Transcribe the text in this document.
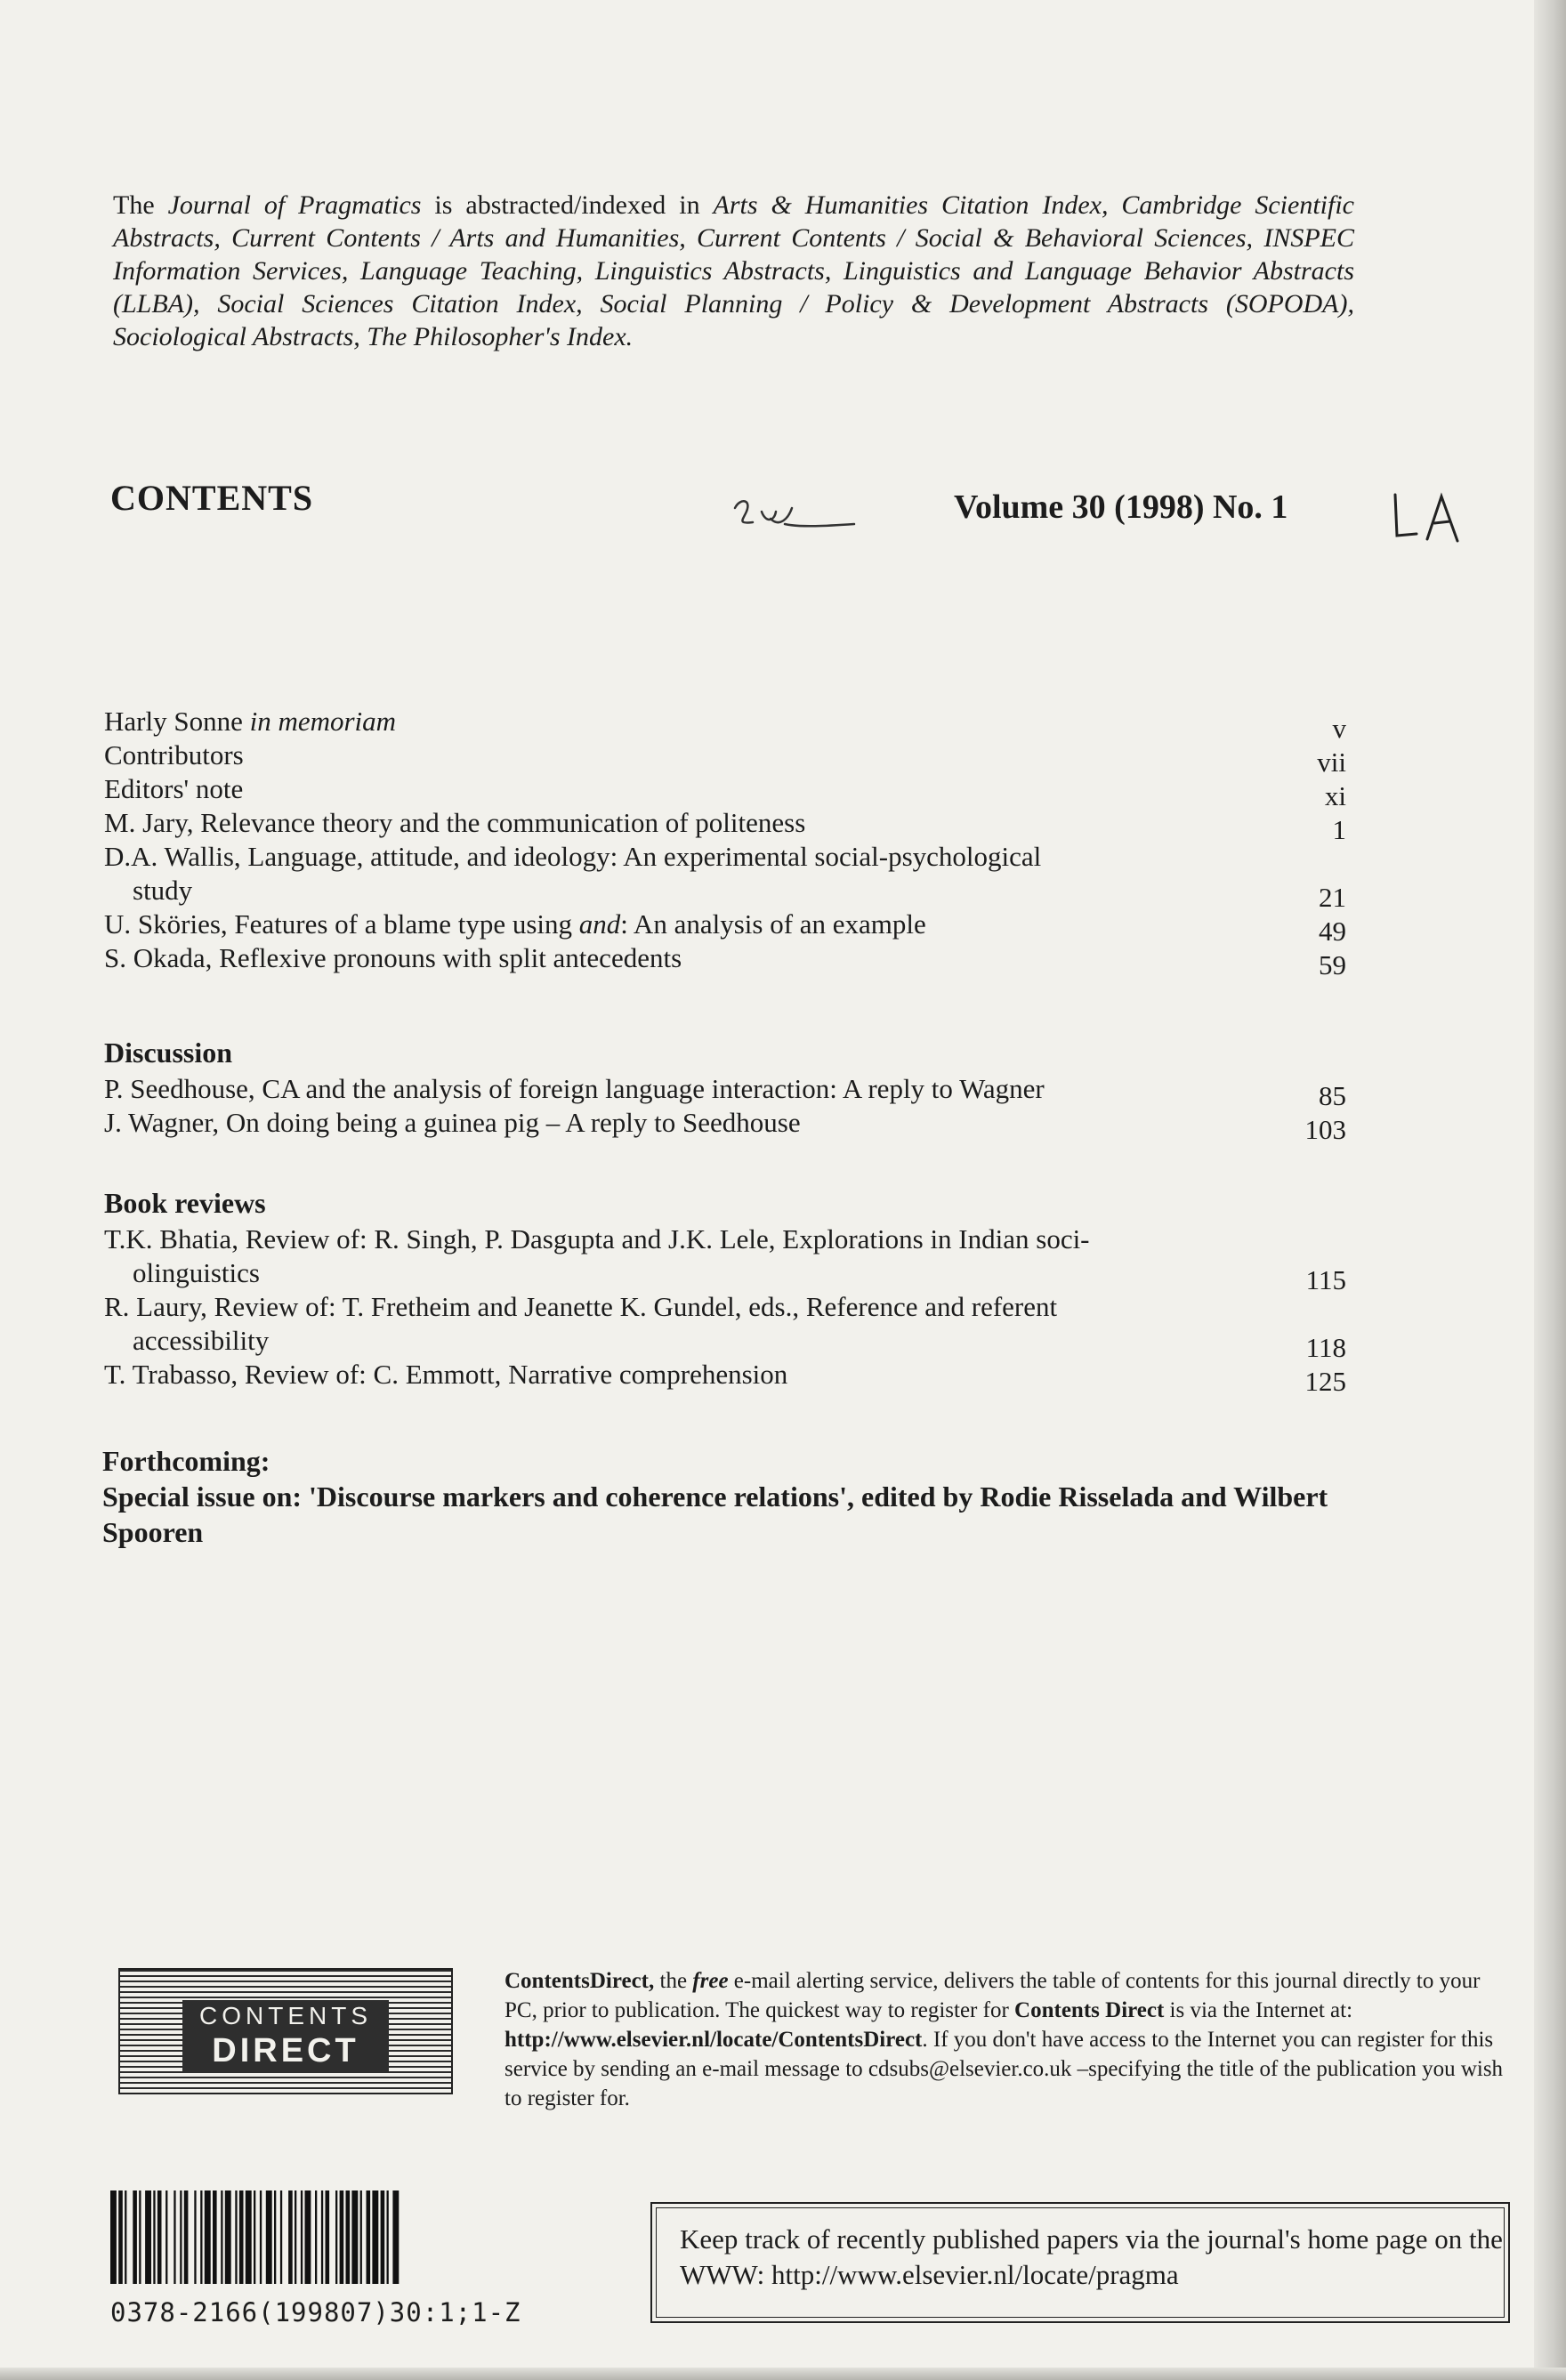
The Journal of Pragmatics is abstracted/indexed in Arts & Humanities Citation Index, Cambridge Scientific Abstracts, Current Contents / Arts and Humanities, Current Contents / Social & Behavioral Sciences, INSPEC Information Services, Language Teaching, Linguistics Abstracts, Linguistics and Language Behavior Abstracts (LLBA), Social Sciences Citation Index, Social Planning / Policy & Development Abstracts (SOPODA), Sociological Abstracts, The Philosopher's Index.

CONTENTS	Volume 30 (1998) No. 1
Harly Sonne in memoriam	v
Contributors	vii
Editors' note	xi
M. Jary, Relevance theory and the communication of politeness	1
D.A. Wallis, Language, attitude, and ideology: An experimental social-psychological
study	21
U. Sköries, Features of a blame type using and: An analysis of an example	49
S. Okada, Reflexive pronouns with split antecedents	59
Discussion
P. Seedhouse, CA and the analysis of foreign language interaction: A reply to Wagner	85
J. Wagner, On doing being a guinea pig – A reply to Seedhouse	103
Book reviews
T.K. Bhatia, Review of: R. Singh, P. Dasgupta and J.K. Lele, Explorations in Indian soci-
olinguistics	115
R. Laury, Review of: T. Fretheim and Jeanette K. Gundel, eds., Reference and referent
accessibility	118
T. Trabasso, Review of: C. Emmott, Narrative comprehension	125

Forthcoming:

Special issue on: 'Discourse markers and coherence relations', edited by Rodie Risselada and Wilbert Spooren

CONTENTS
DIRECT

ContentsDirect, the free e-mail alerting service, delivers the table of contents for this journal directly to your PC, prior to publication. The quickest way to register for Contents Direct is via the Internet at: http://www.elsevier.nl/locate/ContentsDirect. If you don't have access to the Internet you can register for this service by sending an e-mail message to cdsubs@elsevier.co.uk –specifying the title of the publication you wish to register for.

0378-2166(199807)30:1;1-Z
Keep track of recently published papers via the journal's home page on the WWW: http://www.elsevier.nl/locate/pragma
